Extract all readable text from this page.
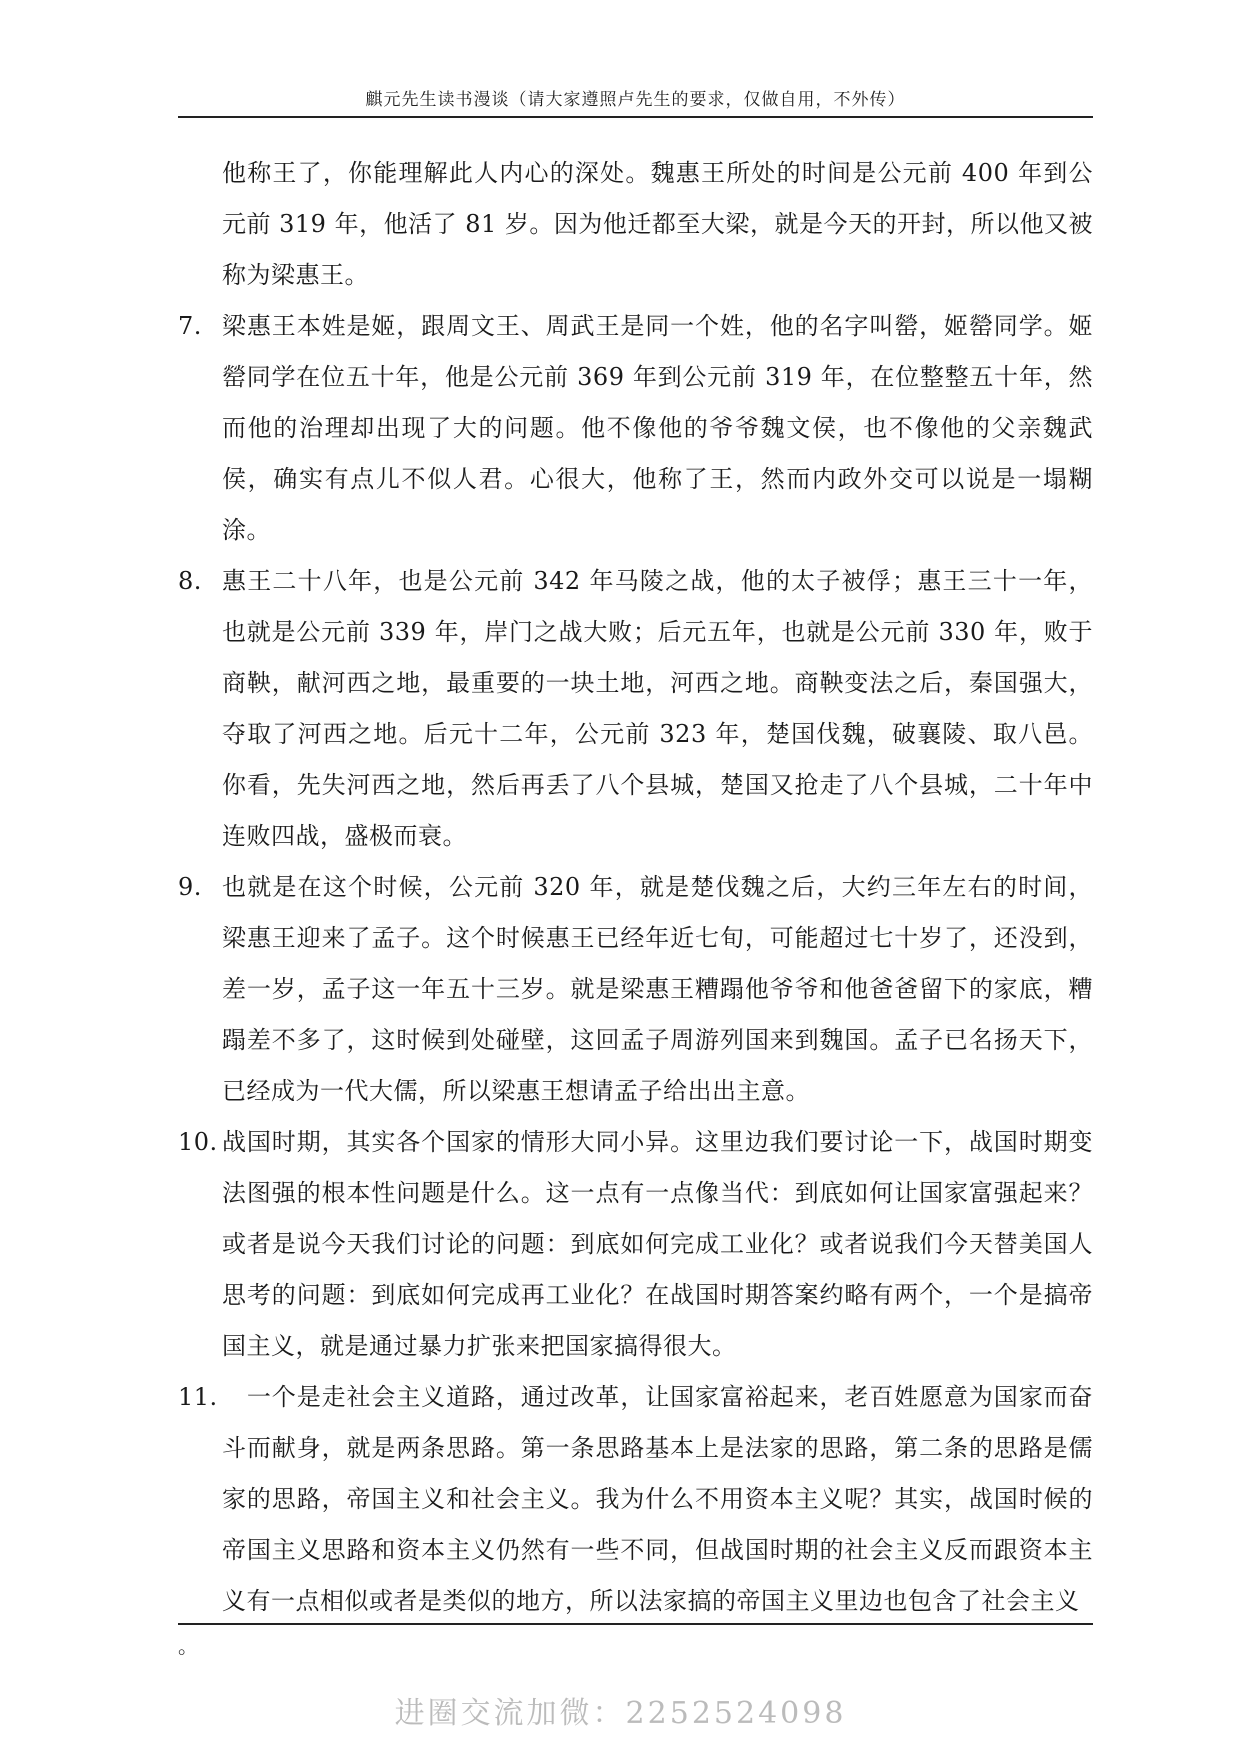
麒元先生读书漫谈（请大家遵照卢先生的要求，仅做自用，不外传）
他称王了，你能理解此人内心的深处。魏惠王所处的时间是公元前 400 年到公元前 319 年，他活了 81 岁。因为他迁都至大梁，就是今天的开封，所以他又被称为梁惠王。
7. 梁惠王本姓是姬，跟周文王、周武王是同一个姓，他的名字叫罃，姬罃同学。姬罃同学在位五十年，他是公元前 369 年到公元前 319 年，在位整整五十年，然而他的治理却出现了大的问题。他不像他的爷爷魏文侯，也不像他的父亲魏武侯，确实有点儿不似人君。心很大，他称了王，然而内政外交可以说是一塌糊涂。
8. 惠王二十八年，也是公元前 342 年马陵之战，他的太子被俘；惠王三十一年，也就是公元前 339 年，岸门之战大败；后元五年，也就是公元前 330 年，败于商鞅，献河西之地，最重要的一块土地，河西之地。商鞅变法之后，秦国强大，夺取了河西之地。后元十二年，公元前 323 年，楚国伐魏，破襄陵、取八邑。你看，先失河西之地，然后再丢了八个县城，楚国又抢走了八个县城，二十年中连败四战，盛极而衰。
9. 也就是在这个时候，公元前 320 年，就是楚伐魏之后，大约三年左右的时间，梁惠王迎来了孟子。这个时候惠王已经年近七旬，可能超过七十岁了，还没到，差一岁，孟子这一年五十三岁。就是梁惠王糟蹋他爷爷和他爸爸留下的家底，糟蹋差不多了，这时候到处碰壁，这回孟子周游列国来到魏国。孟子已名扬天下，已经成为一代大儒，所以梁惠王想请孟子给出出主意。
10. 战国时期，其实各个国家的情形大同小异。这里边我们要讨论一下，战国时期变法图强的根本性问题是什么。这一点有一点像当代：到底如何让国家富强起来？或者是说今天我们讨论的问题：到底如何完成工业化？或者说我们今天替美国人思考的问题：到底如何完成再工业化？在战国时期答案约略有两个，一个是搞帝国主义，就是通过暴力扩张来把国家搞得很大。
11. 　一个是走社会主义道路，通过改革，让国家富裕起来，老百姓愿意为国家而奋斗而献身，就是两条思路。第一条思路基本上是法家的思路，第二条的思路是儒家的思路，帝国主义和社会主义。我为什么不用资本主义呢？其实，战国时候的帝国主义思路和资本主义仍然有一些不同，但战国时期的社会主义反而跟资本主义有一点相似或者是类似的地方，所以法家搞的帝国主义里边也包含了社会主义
。
进圈交流加微：2252524098
